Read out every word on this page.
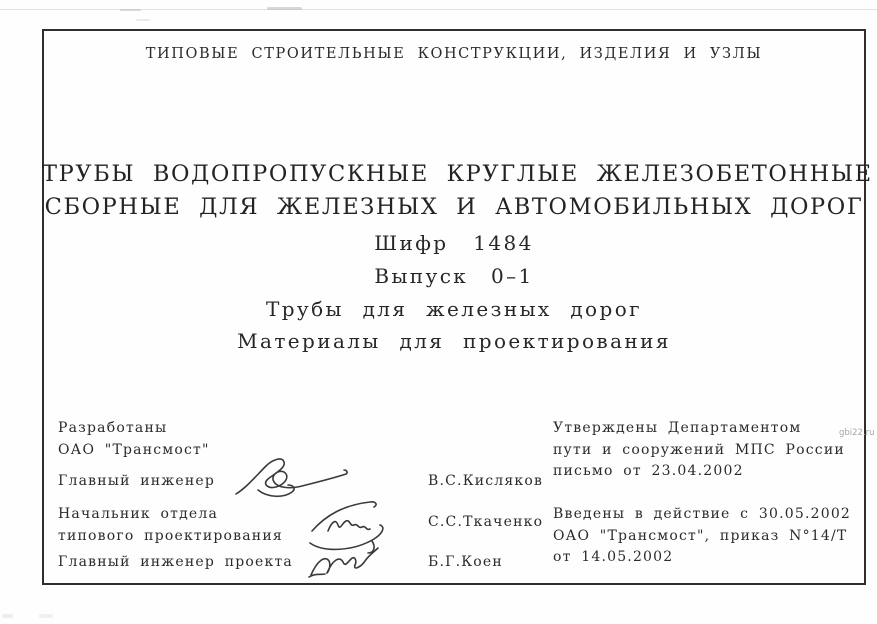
ТИПОВЫЕ СТРОИТЕЛЬНЫЕ КОНСТРУКЦИИ, ИЗДЕЛИЯ И УЗЛЫ
ТРУБЫ ВОДОПРОПУСКНЫЕ КРУГЛЫЕ ЖЕЛЕЗОБЕТОННЫЕ
СБОРНЫЕ ДЛЯ ЖЕЛЕЗНЫХ И АВТОМОБИЛЬНЫХ ДОРОГ
Шифр 1484
Выпуск 0–1
Трубы для железных дорог
Материалы для проектирования
Разработаны
ОАО "Трансмост"
Главный инженер
Начальник отдела
типового проектирования
Главный инженер проекта
В.С.Кисляков
С.С.Ткаченко
Б.Г.Коен
Утверждены Департаментом
пути и сооружений МПС России
письмо от 23.04.2002
Введены в действие с 30.05.2002
ОАО "Трансмост", приказ N°14/Т
от 14.05.2002
gbi22.ru
